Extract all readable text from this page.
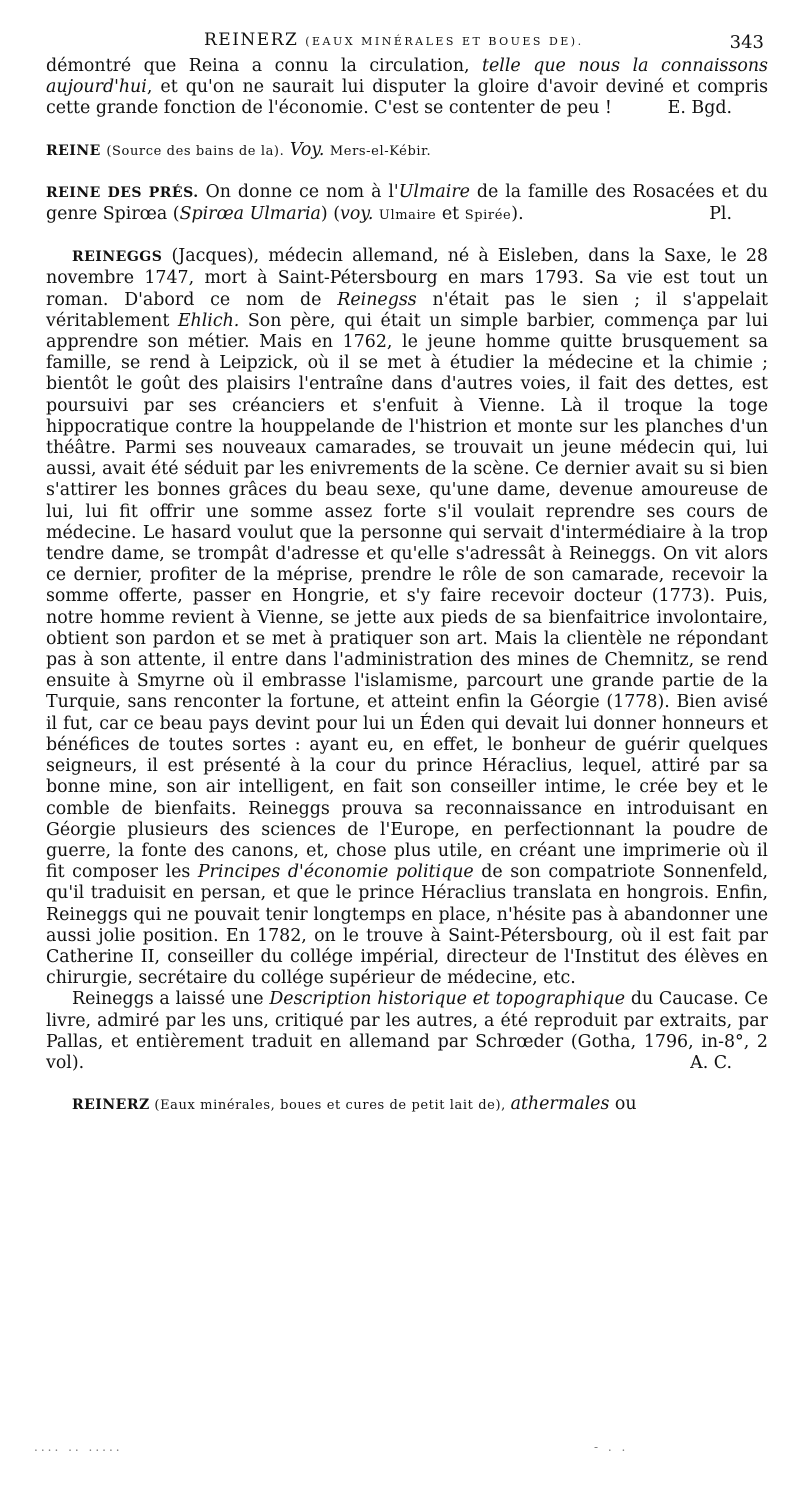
REINERZ (EAUX MINÉRALES ET BOUES DE).	343

démontré que Reina a connu la circulation, telle que nous la connaissons aujourd'hui, et qu'on ne saurait lui disputer la gloire d'avoir deviné et compris cette grande fonction de l'économie. C'est se contenter de peu !	E. Bgd.

REINE (Source des bains de la). Voy. Mers-el-Kébir.

REINE DES PRÉS. On donne ce nom à l'Ulmaire de la famille des Rosacées et du genre Spirœa (Spirœa Ulmaria) (voy. Ulmaire et Spirée).	Pl.

REINEGGS (Jacques), médecin allemand, né à Eisleben, dans la Saxe, le 28 novembre 1747, mort à Saint-Pétersbourg en mars 1793. Sa vie est tout un roman. D'abord ce nom de Reinegss n'était pas le sien ; il s'appelait véritablement Ehlich. Son père, qui était un simple barbier, commença par lui apprendre son métier. Mais en 1762, le jeune homme quitte brusquement sa famille, se rend à Leipzick, où il se met à étudier la médecine et la chimie ; bientôt le goût des plaisirs l'entraîne dans d'autres voies, il fait des dettes, est poursuivi par ses créanciers et s'enfuit à Vienne. Là il troque la toge hippocratique contre la houppelande de l'histrion et monte sur les planches d'un théâtre. Parmi ses nouveaux camarades, se trouvait un jeune médecin qui, lui aussi, avait été séduit par les enivrements de la scène. Ce dernier avait su si bien s'attirer les bonnes grâces du beau sexe, qu'une dame, devenue amoureuse de lui, lui fit offrir une somme assez forte s'il voulait reprendre ses cours de médecine. Le hasard voulut que la personne qui servait d'intermédiaire à la trop tendre dame, se trompât d'adresse et qu'elle s'adressât à Reineggs. On vit alors ce dernier, profiter de la méprise, prendre le rôle de son camarade, recevoir la somme offerte, passer en Hongrie, et s'y faire recevoir docteur (1773). Puis, notre homme revient à Vienne, se jette aux pieds de sa bienfaitrice involontaire, obtient son pardon et se met à pratiquer son art. Mais la clientèle ne répondant pas à son attente, il entre dans l'administration des mines de Chemnitz, se rend ensuite à Smyrne où il embrasse l'islamisme, parcourt une grande partie de la Turquie, sans renconter la fortune, et atteint enfin la Géorgie (1778). Bien avisé il fut, car ce beau pays devint pour lui un Éden qui devait lui donner honneurs et bénéfices de toutes sortes : ayant eu, en effet, le bonheur de guérir quelques seigneurs, il est présenté à la cour du prince Héraclius, lequel, attiré par sa bonne mine, son air intelligent, en fait son conseiller intime, le crée bey et le comble de bienfaits. Reineggs prouva sa reconnaissance en introduisant en Géorgie plusieurs des sciences de l'Europe, en perfectionnant la poudre de guerre, la fonte des canons, et, chose plus utile, en créant une imprimerie où il fit composer les Principes d'économie politique de son compatriote Sonnenfeld, qu'il traduisit en persan, et que le prince Héraclius translata en hongrois. Enfin, Reineggs qui ne pouvait tenir longtemps en place, n'hésite pas à abandonner une aussi jolie position. En 1782, on le trouve à Saint-Pétersbourg, où il est fait par Catherine II, conseiller du collége impérial, directeur de l'Institut des élèves en chirurgie, secrétaire du collége supérieur de médecine, etc.

Reineggs a laissé une Description historique et topographique du Caucase. Ce livre, admiré par les uns, critiqué par les autres, a été reproduit par extraits, par Pallas, et entièrement traduit en allemand par Schrœder (Gotha, 1796, in-8°, 2 vol).	A. C.

REINERZ (Eaux minérales, boues et cures de petit lait de), athermales ou

.... .. .....	- . .
